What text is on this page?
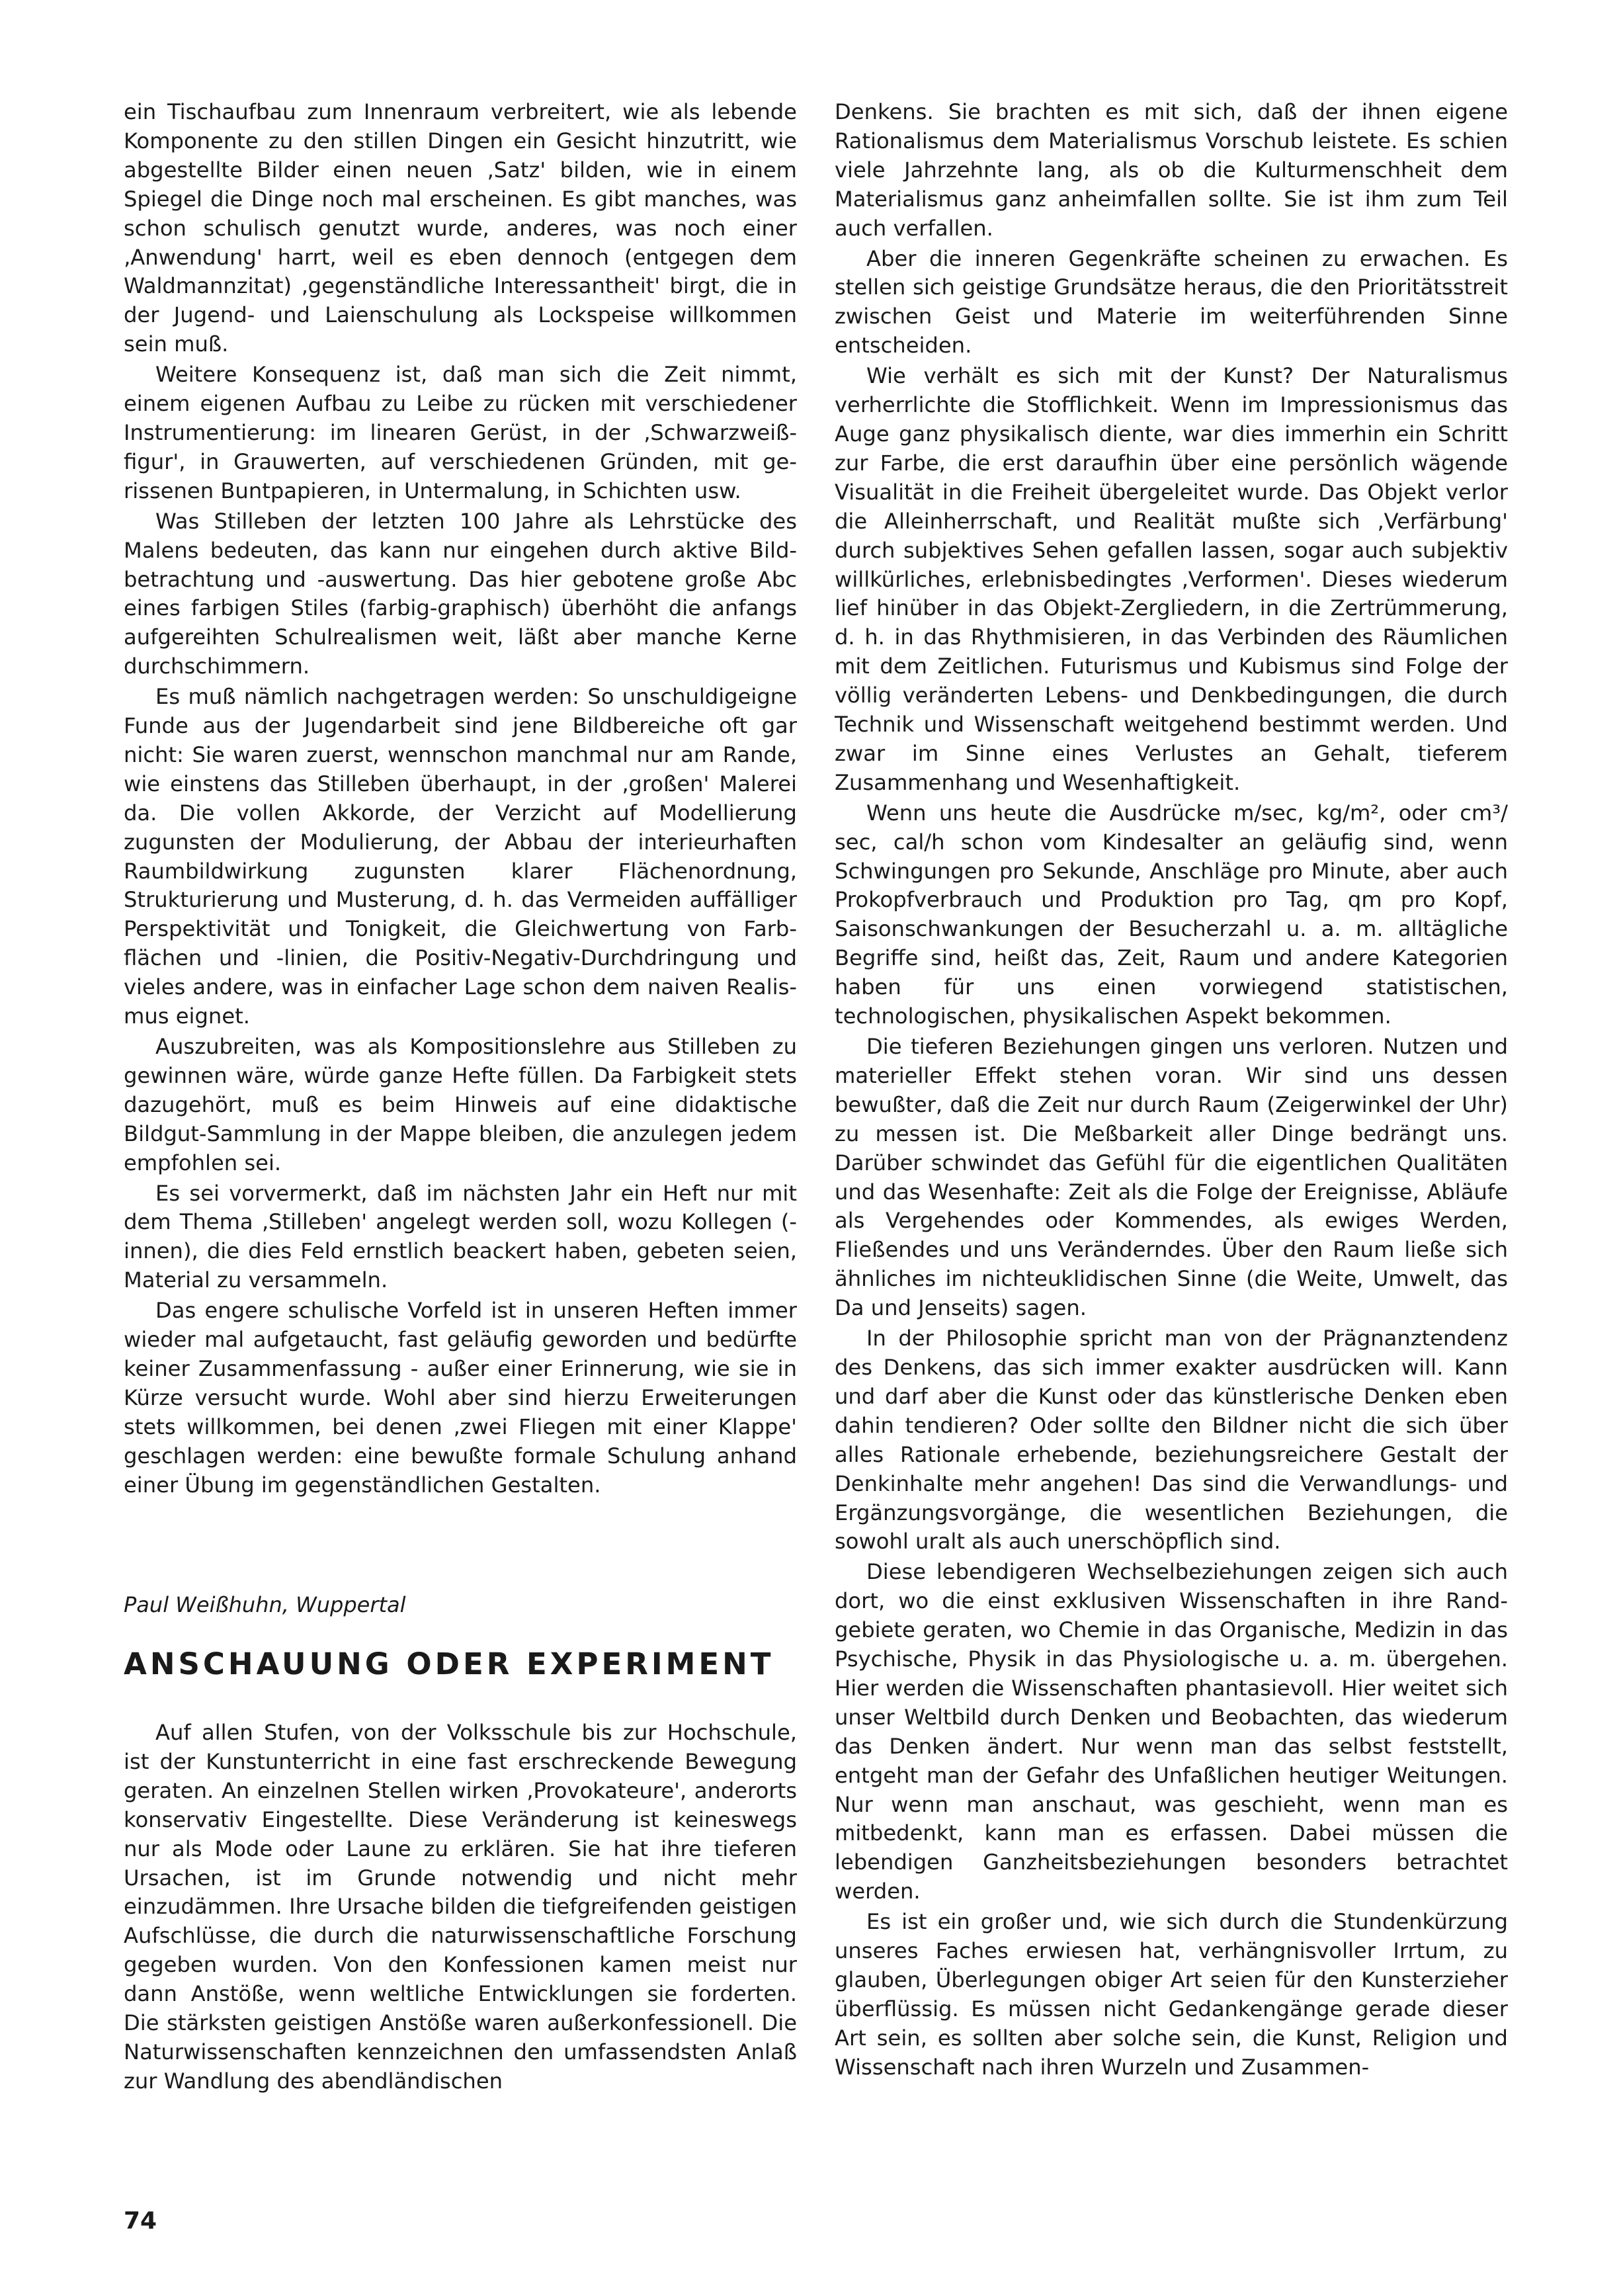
ein Tischaufbau zum Innenraum verbreitert, wie als lebende Komponente zu den stillen Dingen ein Gesicht hinzutritt, wie abgestellte Bilder einen neuen ‚Satz' bilden, wie in einem Spiegel die Dinge noch mal erscheinen. Es gibt manches, was schon schulisch genutzt wurde, anderes, was noch einer ‚Anwendung' harrt, weil es eben dennoch (entgegen dem Waldmannzitat) ‚gegenständliche Interessantheit' birgt, die in der Jugend- und Laienschulung als Lockspeise willkommen sein muß.

Weitere Konsequenz ist, daß man sich die Zeit nimmt, einem eigenen Aufbau zu Leibe zu rücken mit verschiedener Instrumentierung: im linearen Gerüst, in der ‚Schwarzweißfigur', in Grauwerten, auf verschiedenen Gründen, mit gerissenen Buntpapieren, in Untermalung, in Schichten usw.

Was Stilleben der letzten 100 Jahre als Lehrstücke des Malens bedeuten, das kann nur eingehen durch aktive Bildbetrachtung und -auswertung. Das hier gebotene große Abc eines farbigen Stiles (farbig-graphisch) überhöht die anfangs aufgereihten Schulrealismen weit, läßt aber manche Kerne durchschimmern.

Es muß nämlich nachgetragen werden: So unschuldigeigne Funde aus der Jugendarbeit sind jene Bildbereiche oft gar nicht: Sie waren zuerst, wennschon manchmal nur am Rande, wie einstens das Stilleben überhaupt, in der ‚großen' Malerei da. Die vollen Akkorde, der Verzicht auf Modellierung zugunsten der Modulierung, der Abbau der interieurhaften Raumbildwirkung zugunsten klarer Flächenordnung, Strukturierung und Musterung, d. h. das Vermeiden auffälliger Perspektivität und Tonigkeit, die Gleichwertung von Farbflächen und -linien, die Positiv-Negativ-Durchdringung und vieles andere, was in einfacher Lage schon dem naiven Realismus eignet.

Auszubreiten, was als Kompositionslehre aus Stilleben zu gewinnen wäre, würde ganze Hefte füllen. Da Farbigkeit stets dazugehört, muß es beim Hinweis auf eine didaktische Bildgut-Sammlung in der Mappe bleiben, die anzulegen jedem empfohlen sei.

Es sei vorvermerkt, daß im nächsten Jahr ein Heft nur mit dem Thema ‚Stilleben' angelegt werden soll, wozu Kollegen (-innen), die dies Feld ernstlich beackert haben, gebeten seien, Material zu versammeln.

Das engere schulische Vorfeld ist in unseren Heften immer wieder mal aufgetaucht, fast geläufig geworden und bedürfte keiner Zusammenfassung - außer einer Erinnerung, wie sie in Kürze versucht wurde. Wohl aber sind hierzu Erweiterungen stets willkommen, bei denen ‚zwei Fliegen mit einer Klappe' geschlagen werden: eine bewußte formale Schulung anhand einer Übung im gegenständlichen Gestalten.

Paul Weißhuhn, Wuppertal

ANSCHAUUNG ODER EXPERIMENT

Auf allen Stufen, von der Volksschule bis zur Hochschule, ist der Kunstunterricht in eine fast erschreckende Bewegung geraten. An einzelnen Stellen wirken ‚Provokateure', anderorts konservativ Eingestellte. Diese Veränderung ist keineswegs nur als Mode oder Laune zu erklären. Sie hat ihre tieferen Ursachen, ist im Grunde notwendig und nicht mehr einzudämmen. Ihre Ursache bilden die tiefgreifenden geistigen Aufschlüsse, die durch die naturwissenschaftliche Forschung gegeben wurden. Von den Konfessionen kamen meist nur dann Anstöße, wenn weltliche Entwicklungen sie forderten. Die stärksten geistigen Anstöße waren außerkonfessionell. Die Naturwissenschaften kennzeichnen den umfassendsten Anlaß zur Wandlung des abendländischen

Denkens. Sie brachten es mit sich, daß der ihnen eigene Rationalismus dem Materialismus Vorschub leistete. Es schien viele Jahrzehnte lang, als ob die Kulturmenschheit dem Materialismus ganz anheimfallen sollte. Sie ist ihm zum Teil auch verfallen.

Aber die inneren Gegenkräfte scheinen zu erwachen. Es stellen sich geistige Grundsätze heraus, die den Prioritätsstreit zwischen Geist und Materie im weiterführenden Sinne entscheiden.

Wie verhält es sich mit der Kunst? Der Naturalismus verherrlichte die Stofflichkeit. Wenn im Impressionismus das Auge ganz physikalisch diente, war dies immerhin ein Schritt zur Farbe, die erst daraufhin über eine persönlich wägende Visualität in die Freiheit übergeleitet wurde. Das Objekt verlor die Alleinherrschaft, und Realität mußte sich ‚Verfärbung' durch subjektives Sehen gefallen lassen, sogar auch subjektiv willkürliches, erlebnisbedingtes ‚Verformen'. Dieses wiederum lief hinüber in das Objekt-Zergliedern, in die Zertrümmerung, d. h. in das Rhythmisieren, in das Verbinden des Räumlichen mit dem Zeitlichen. Futurismus und Kubismus sind Folge der völlig veränderten Lebens- und Denkbedingungen, die durch Technik und Wissenschaft weitgehend bestimmt werden. Und zwar im Sinne eines Verlustes an Gehalt, tieferem Zusammenhang und Wesenhaftigkeit.

Wenn uns heute die Ausdrücke m/sec, kg/m², oder cm³/ sec, cal/h schon vom Kindesalter an geläufig sind, wenn Schwingungen pro Sekunde, Anschläge pro Minute, aber auch Prokopfverbrauch und Produktion pro Tag, qm pro Kopf, Saisonschwankungen der Besucherzahl u. a. m. alltägliche Begriffe sind, heißt das, Zeit, Raum und andere Kategorien haben für uns einen vorwiegend statistischen, technologischen, physikalischen Aspekt bekommen.

Die tieferen Beziehungen gingen uns verloren. Nutzen und materieller Effekt stehen voran. Wir sind uns dessen bewußter, daß die Zeit nur durch Raum (Zeigerwinkel der Uhr) zu messen ist. Die Meßbarkeit aller Dinge bedrängt uns. Darüber schwindet das Gefühl für die eigentlichen Qualitäten und das Wesenhafte: Zeit als die Folge der Ereignisse, Abläufe als Vergehendes oder Kommendes, als ewiges Werden, Fließendes und uns Veränderndes. Über den Raum ließe sich ähnliches im nichteuklidischen Sinne (die Weite, Umwelt, das Da und Jenseits) sagen.

In der Philosophie spricht man von der Prägnanztendenz des Denkens, das sich immer exakter ausdrücken will. Kann und darf aber die Kunst oder das künstlerische Denken eben dahin tendieren? Oder sollte den Bildner nicht die sich über alles Rationale erhebende, beziehungsreichere Gestalt der Denkinhalte mehr angehen! Das sind die Verwandlungs- und Ergänzungsvorgänge, die wesentlichen Beziehungen, die sowohl uralt als auch unerschöpflich sind.

Diese lebendigeren Wechselbeziehungen zeigen sich auch dort, wo die einst exklusiven Wissenschaften in ihre Randgebiete geraten, wo Chemie in das Organische, Medizin in das Psychische, Physik in das Physiologische u. a. m. übergehen. Hier werden die Wissenschaften phantasievoll. Hier weitet sich unser Weltbild durch Denken und Beobachten, das wiederum das Denken ändert. Nur wenn man das selbst feststellt, entgeht man der Gefahr des Unfaßlichen heutiger Weitungen. Nur wenn man anschaut, was geschieht, wenn man es mitbedenkt, kann man es erfassen. Dabei müssen die lebendigen Ganzheitsbeziehungen besonders betrachtet werden.

Es ist ein großer und, wie sich durch die Stundenkürzung unseres Faches erwiesen hat, verhängnisvoller Irrtum, zu glauben, Überlegungen obiger Art seien für den Kunsterzieher überflüssig. Es müssen nicht Gedankengänge gerade dieser Art sein, es sollten aber solche sein, die Kunst, Religion und Wissenschaft nach ihren Wurzeln und Zusammen-

74
